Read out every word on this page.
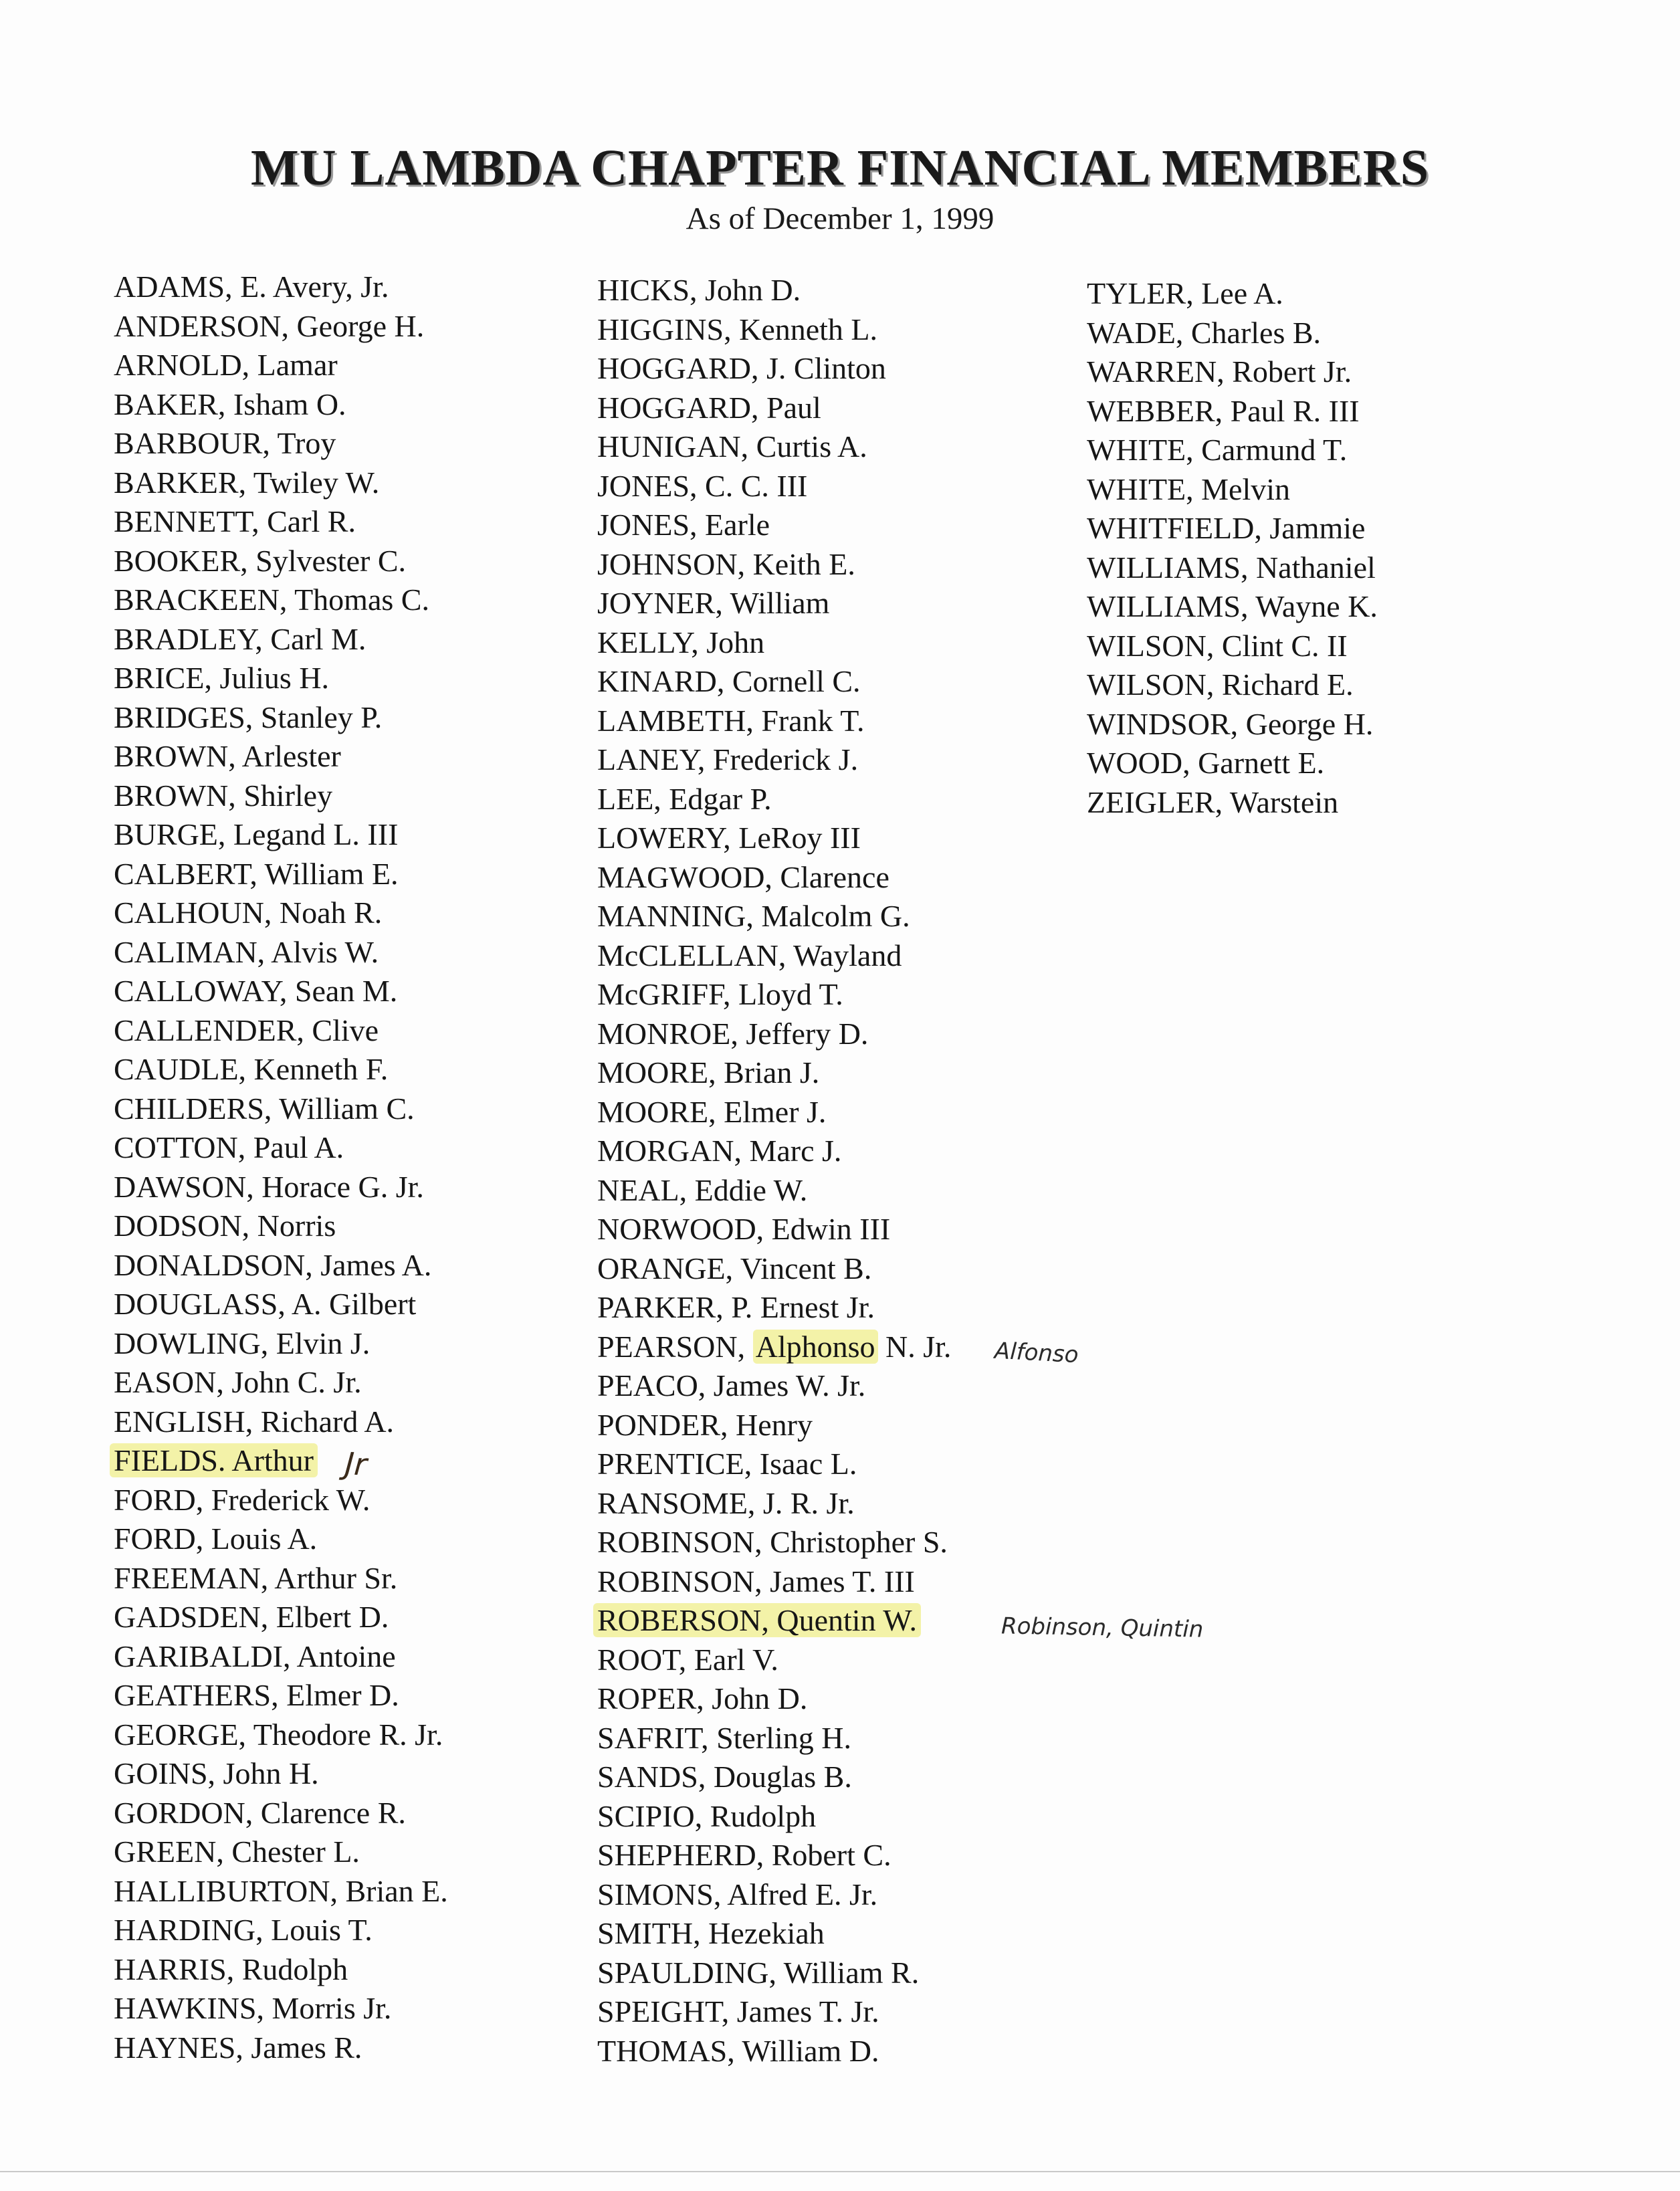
MU LAMBDA CHAPTER FINANCIAL MEMBERS
As of December 1, 1999
ADAMS, E. Avery, Jr.
ANDERSON, George H.
ARNOLD, Lamar
BAKER, Isham O.
BARBOUR, Troy
BARKER, Twiley W.
BENNETT, Carl R.
BOOKER, Sylvester C.
BRACKEEN, Thomas C.
BRADLEY, Carl M.
BRICE, Julius H.
BRIDGES, Stanley P.
BROWN, Arlester
BROWN, Shirley
BURGE, Legand L. III
CALBERT, William E.
CALHOUN, Noah R.
CALIMAN, Alvis W.
CALLOWAY, Sean M.
CALLENDER, Clive
CAUDLE, Kenneth F.
CHILDERS, William C.
COTTON, Paul A.
DAWSON, Horace G. Jr.
DODSON, Norris
DONALDSON, James A.
DOUGLASS, A. Gilbert
DOWLING, Elvin J.
EASON, John C. Jr.
ENGLISH, Richard A.
FIELDS. Arthur
FORD, Frederick W.
FORD, Louis A.
FREEMAN, Arthur Sr.
GADSDEN, Elbert D.
GARIBALDI, Antoine
GEATHERS, Elmer D.
GEORGE, Theodore R. Jr.
GOINS, John H.
GORDON, Clarence R.
GREEN, Chester L.
HALLIBURTON, Brian E.
HARDING, Louis T.
HARRIS, Rudolph
HAWKINS, Morris Jr.
HAYNES, James R.
HICKS, John D.
HIGGINS, Kenneth L.
HOGGARD, J. Clinton
HOGGARD, Paul
HUNIGAN, Curtis A.
JONES, C. C. III
JONES, Earle
JOHNSON, Keith E.
JOYNER, William
KELLY, John
KINARD, Cornell C.
LAMBETH, Frank T.
LANEY, Frederick J.
LEE, Edgar P.
LOWERY, LeRoy III
MAGWOOD, Clarence
MANNING, Malcolm G.
McCLELLAN, Wayland
McGRIFF, Lloyd T.
MONROE, Jeffery D.
MOORE, Brian J.
MOORE, Elmer J.
MORGAN, Marc J.
NEAL, Eddie W.
NORWOOD, Edwin III
ORANGE, Vincent B.
PARKER, P. Ernest Jr.
PEARSON, Alphonso N. Jr.
PEACO, James W. Jr.
PONDER, Henry
PRENTICE, Isaac L.
RANSOME, J. R. Jr.
ROBINSON, Christopher S.
ROBINSON, James T. III
ROBERSON, Quentin W.
ROOT, Earl V.
ROPER, John D.
SAFRIT, Sterling H.
SANDS, Douglas B.
SCIPIO, Rudolph
SHEPHERD, Robert C.
SIMONS, Alfred E. Jr.
SMITH, Hezekiah
SPAULDING, William R.
SPEIGHT, James T. Jr.
THOMAS, William D.
TYLER, Lee A.
WADE, Charles B.
WARREN, Robert Jr.
WEBBER, Paul R. III
WHITE, Carmund T.
WHITE, Melvin
WHITFIELD, Jammie
WILLIAMS, Nathaniel
WILLIAMS, Wayne K.
WILSON, Clint C. II
WILSON, Richard E.
WINDSOR, George H.
WOOD, Garnett E.
ZEIGLER, Warstein
Jr
Alfonso
Robinson, Quintin
